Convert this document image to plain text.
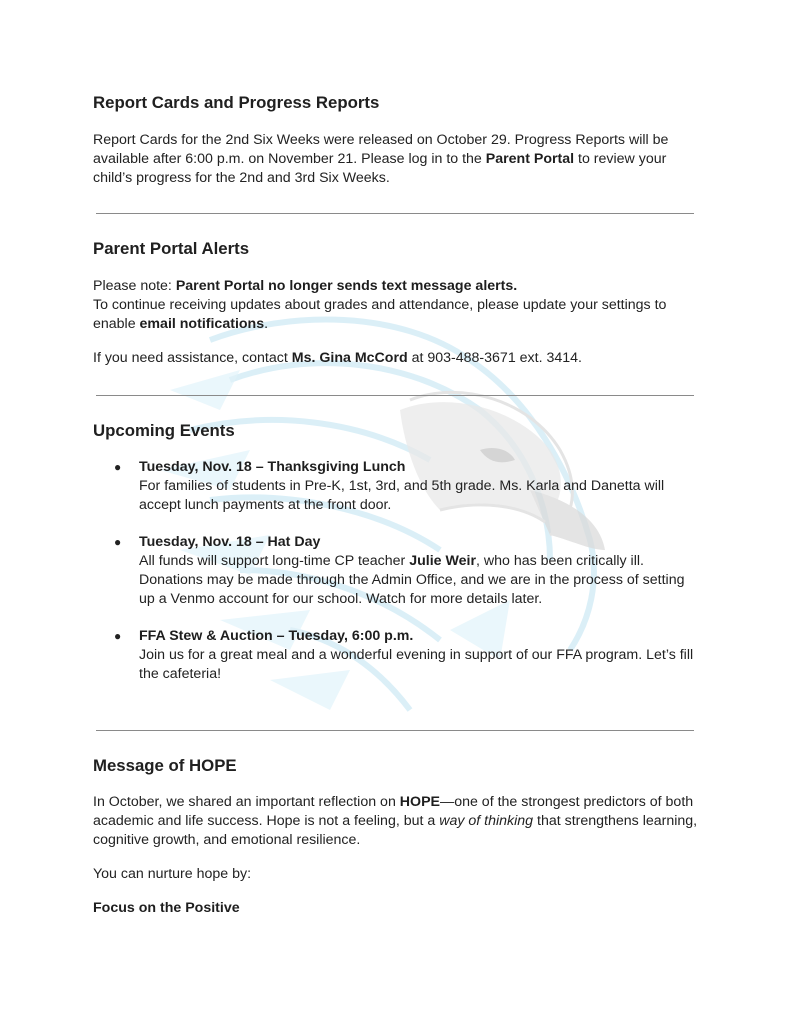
Report Cards and Progress Reports

Report Cards for the 2nd Six Weeks were released on October 29. Progress Reports will be available after 6:00 p.m. on November 21. Please log in to the Parent Portal to review your child’s progress for the 2nd and 3rd Six Weeks.

Parent Portal Alerts

Please note: Parent Portal no longer sends text message alerts.
To continue receiving updates about grades and attendance, please update your settings to enable email notifications.

If you need assistance, contact Ms. Gina McCord at 903-488-3671 ext. 3414.

Upcoming Events
● Tuesday, Nov. 18 – Thanksgiving Lunch
For families of students in Pre-K, 1st, 3rd, and 5th grade. Ms. Karla and Danetta will accept lunch payments at the front door.
● Tuesday, Nov. 18 – Hat Day
All funds will support long-time CP teacher Julie Weir, who has been critically ill. Donations may be made through the Admin Office, and we are in the process of setting up a Venmo account for our school. Watch for more details later.
● FFA Stew & Auction – Tuesday, 6:00 p.m.
Join us for a great meal and a wonderful evening in support of our FFA program. Let’s fill the cafeteria!
Message of HOPE

In October, we shared an important reflection on HOPE—one of the strongest predictors of both academic and life success. Hope is not a feeling, but a way of thinking that strengthens learning, cognitive growth, and emotional resilience.

You can nurture hope by:

Focus on the Positive
